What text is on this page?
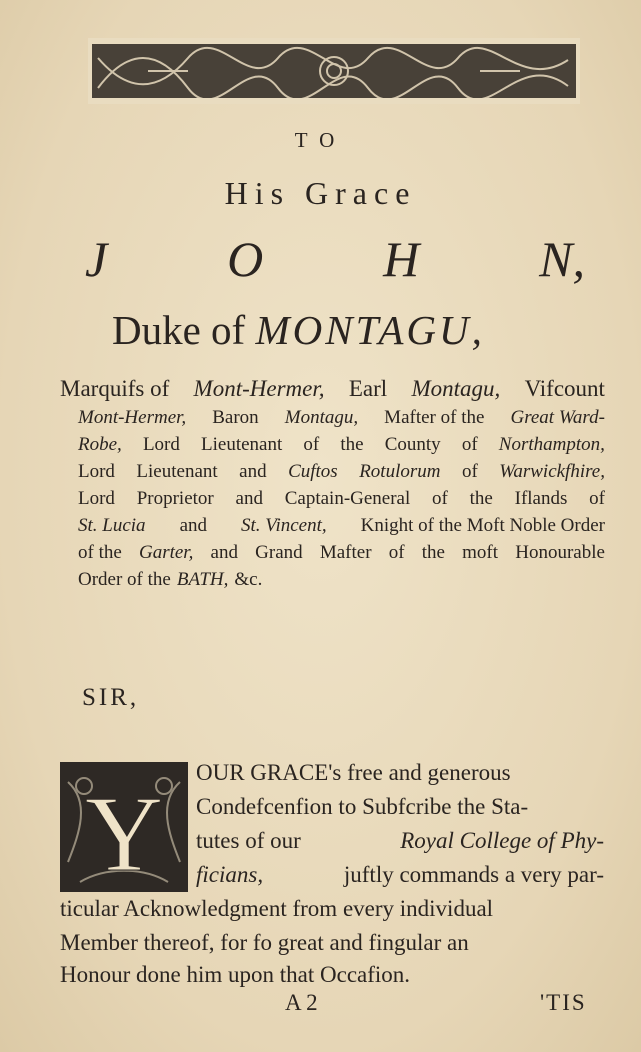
TO
His Grace
J O H N,
Duke of MONTAGU,
Marquifs of Mont-Hermer, Earl Montagu, Vifcount
Mont-Hermer, Baron Montagu, Mafter of the Great Ward-
Robe, Lord Lieutenant of the County of Northampton,
Lord Lieutenant and Cuftos Rotulorum of Warwickfhire,
Lord Proprietor and Captain-General of the Iflands of
St. Lucia and St. Vincent, Knight of the Moft Noble Order
of the Garter, and Grand Mafter of the moft Honourable
Order of the BATH, &c.
SIR,
Y
OUR GRACE's free and generous
Condefcenfion to Subfcribe the Sta-
tutes of our	Royal College of Phy-
ficians,	juftly commands a very par-
ticular Acknowledgment from every individual
Member thereof, for fo great and fingular an
Honour done him upon that Occafion.
A 2	'TIS
